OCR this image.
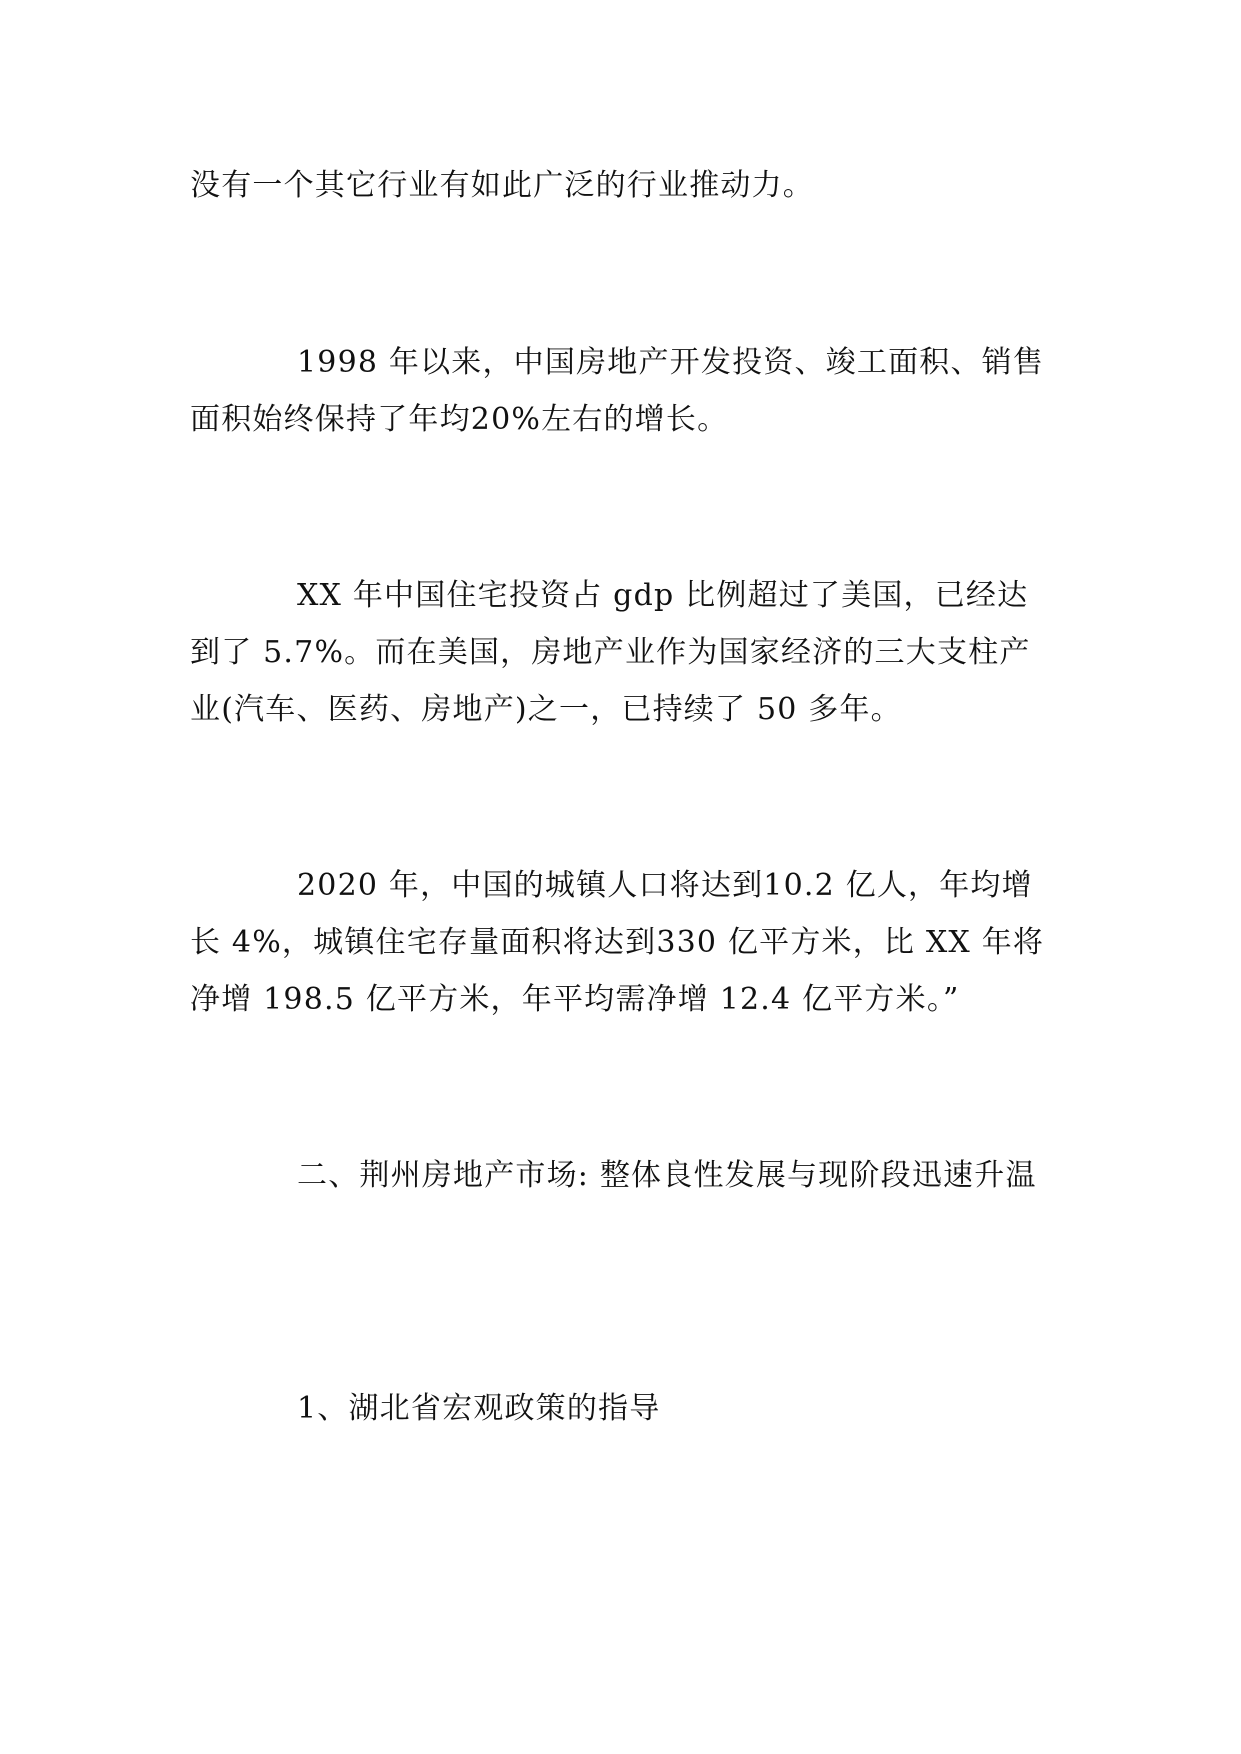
没有一个其它行业有如此广泛的行业推动力。

1998 年以来，中国房地产开发投资、竣工面积、销售面积始终保持了年均20%左右的增长。

XX 年中国住宅投资占 gdp 比例超过了美国，已经达到了 5.7%。而在美国，房地产业作为国家经济的三大支柱产业(汽车、医药、房地产)之一，已持续了 50 多年。

2020 年，中国的城镇人口将达到10.2 亿人，年均增长 4%，城镇住宅存量面积将达到330 亿平方米，比 XX 年将净增 198.5 亿平方米，年平均需净增 12.4 亿平方米。”

二、荆州房地产市场: 整体良性发展与现阶段迅速升温

1、湖北省宏观政策的指导
